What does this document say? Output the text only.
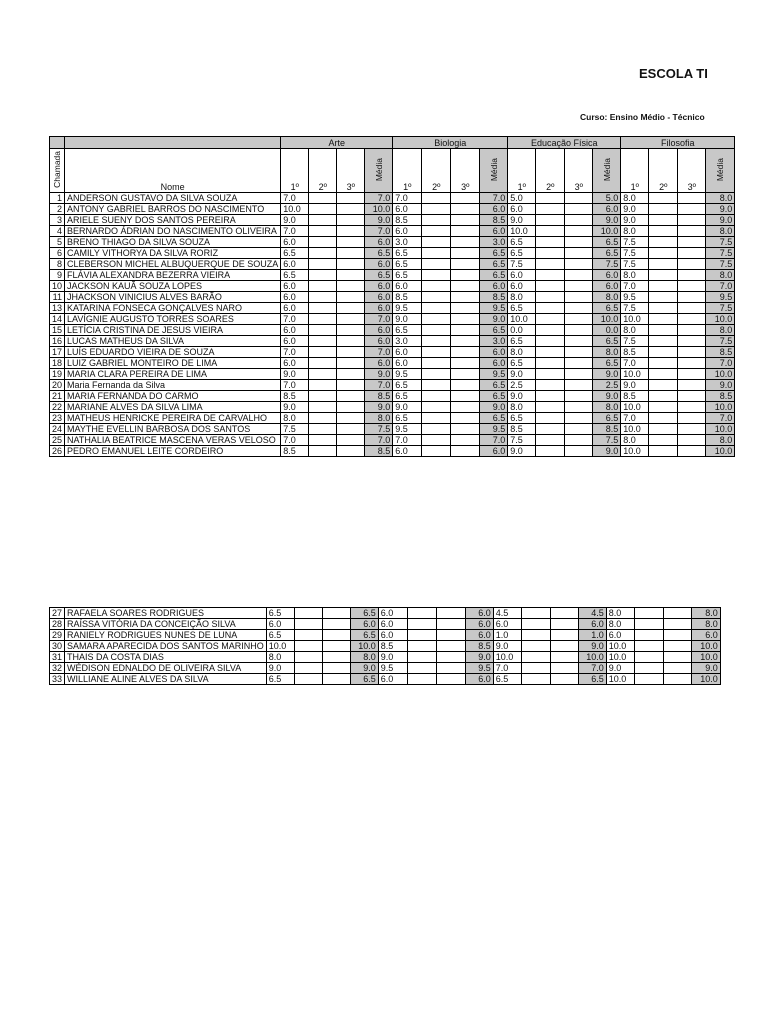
ESCOLA TI
Curso: Ensino Médio - Técnico
		Arte				Biologia				Educação Física				Filosofia			
Chamada	Nome	1º	2º	3º	Média	1º	2º	3º	Média	1º	2º	3º	Média	1º	2º	3º	Média
1	ANDERSON GUSTAVO DA SILVA SOUZA	7.0			7.0	7.0			7.0	5.0			5.0	8.0			8.0
2	ANTONY GABRIEL BARROS DO NASCIMENTO	10.0			10.0	6.0			6.0	6.0			6.0	9.0			9.0
3	ARIELE SUENY DOS SANTOS PEREIRA	9.0			9.0	8.5			8.5	9.0			9.0	9.0			9.0
4	BERNARDO ÁDRIAN DO NASCIMENTO OLIVEIRA	7.0			7.0	6.0			6.0	10.0			10.0	8.0			8.0
5	BRENO THIAGO DA SILVA SOUZA	6.0			6.0	3.0			3.0	6.5			6.5	7.5			7.5
6	CAMILY VITHORYA DA SILVA RORIZ	6.5			6.5	6.5			6.5	6.5			6.5	7.5			7.5
8	CLEBERSON MICHEL ALBUQUERQUE DE SOUZA	6.0			6.0	6.5			6.5	7.5			7.5	7.5			7.5
9	FLÁVIA ALEXANDRA BEZERRA VIEIRA	6.5			6.5	6.5			6.5	6.0			6.0	8.0			8.0
10	JACKSON KAUÃ SOUZA LOPES	6.0			6.0	6.0			6.0	6.0			6.0	7.0			7.0
11	JHACKSON VINICIUS ALVES BARÃO	6.0			6.0	8.5			8.5	8.0			8.0	9.5			9.5
13	KATARINA FONSECA GONÇALVES NARO	6.0			6.0	9.5			9.5	6.5			6.5	7.5			7.5
14	LAVÍGNIE AUGUSTO TORRES SOARES	7.0			7.0	9.0			9.0	10.0			10.0	10.0			10.0
15	LETÍCIA CRISTINA DE JESUS VIEIRA	6.0			6.0	6.5			6.5	0.0			0.0	8.0			8.0
16	LUCAS MATHEUS DA SILVA	6.0			6.0	3.0			3.0	6.5			6.5	7.5			7.5
17	LUÍS EDUARDO VIEIRA DE SOUZA	7.0			7.0	6.0			6.0	8.0			8.0	8.5			8.5
18	LUIZ GABRIEL MONTEIRO DE LIMA	6.0			6.0	6.0			6.0	6.5			6.5	7.0			7.0
19	MARIA CLARA PEREIRA DE LIMA	9.0			9.0	9.5			9.5	9.0			9.0	10.0			10.0
20	Maria Fernanda da Silva	7.0			7.0	6.5			6.5	2.5			2.5	9.0			9.0
21	MARIA FERNANDA DO CARMO	8.5			8.5	6.5			6.5	9.0			9.0	8.5			8.5
22	MARIANE ALVES DA SILVA LIMA	9.0			9.0	9.0			9.0	8.0			8.0	10.0			10.0
23	MATHEUS HENRICKE PEREIRA DE CARVALHO	8.0			8.0	6.5			6.5	6.5			6.5	7.0			7.0
24	MAYTHE EVELLIN BARBOSA DOS SANTOS	7.5			7.5	9.5			9.5	8.5			8.5	10.0			10.0
25	NATHALIA BEATRICE MASCENA VERAS VELOSO	7.0			7.0	7.0			7.0	7.5			7.5	8.0			8.0
26	PEDRO EMANUEL LEITE CORDEIRO	8.5			8.5	6.0			6.0	9.0			9.0	10.0			10.0
27	RAFAELA SOARES RODRIGUES	6.5			6.5	6.0			6.0	4.5			4.5	8.0			8.0
28	RAÍSSA VITÓRIA DA CONCEIÇÃO SILVA	6.0			6.0	6.0			6.0	6.0			6.0	8.0			8.0
29	RANIELY RODRIGUES NUNES DE LUNA	6.5			6.5	6.0			6.0	1.0			1.0	6.0			6.0
30	SAMARA APARECIDA DOS SANTOS MARINHO	10.0			10.0	8.5			8.5	9.0			9.0	10.0			10.0
31	THAIS DA COSTA DIAS	8.0			8.0	9.0			9.0	10.0			10.0	10.0			10.0
32	WÉDISON EDNALDO DE OLIVEIRA SILVA	9.0			9.0	9.5			9.5	7.0			7.0	9.0			9.0
33	WILLIANE ALINE ALVES DA SILVA	6.5			6.5	6.0			6.0	6.5			6.5	10.0			10.0
